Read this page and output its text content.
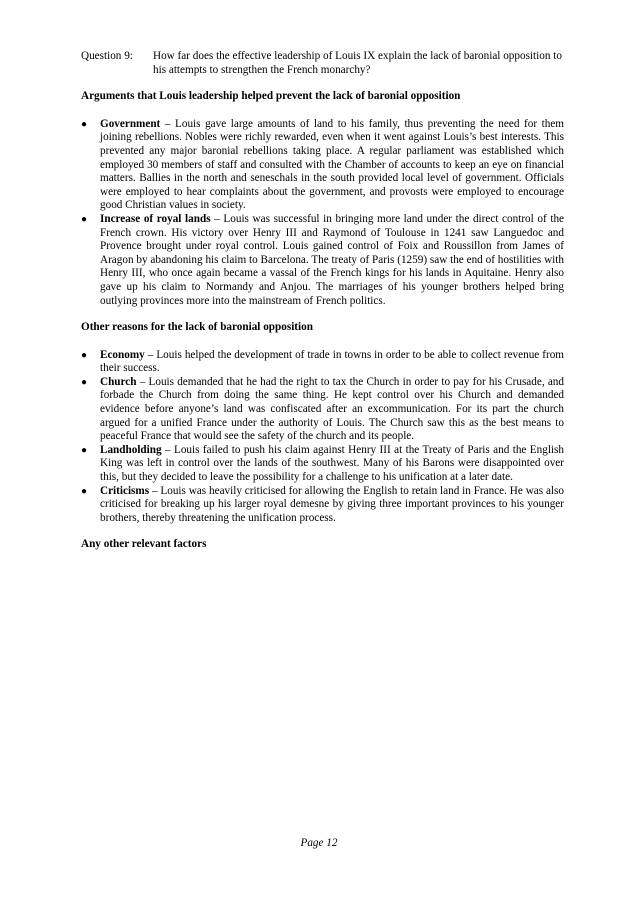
Question 9:	How far does the effective leadership of Louis IX explain the lack of baronial opposition to his attempts to strengthen the French monarchy?
Arguments that Louis leadership helped prevent the lack of baronial opposition
●	Government – Louis gave large amounts of land to his family, thus preventing the need for them joining rebellions. Nobles were richly rewarded, even when it went against Louis’s best interests. This prevented any major baronial rebellions taking place. A regular parliament was established which employed 30 members of staff and consulted with the Chamber of accounts to keep an eye on financial matters. Ballies in the north and seneschals in the south provided local level of government. Officials were employed to hear complaints about the government, and provosts were employed to encourage good Christian values in society.
●	Increase of royal lands – Louis was successful in bringing more land under the direct control of the French crown. His victory over Henry III and Raymond of Toulouse in 1241 saw Languedoc and Provence brought under royal control. Louis gained control of Foix and Roussillon from James of Aragon by abandoning his claim to Barcelona. The treaty of Paris (1259) saw the end of hostilities with Henry III, who once again became a vassal of the French kings for his lands in Aquitaine. Henry also gave up his claim to Normandy and Anjou. The marriages of his younger brothers helped bring outlying provinces more into the mainstream of French politics.
Other reasons for the lack of baronial opposition
●	Economy – Louis helped the development of trade in towns in order to be able to collect revenue from their success.
●	Church – Louis demanded that he had the right to tax the Church in order to pay for his Crusade, and forbade the Church from doing the same thing. He kept control over his Church and demanded evidence before anyone’s land was confiscated after an excommunication. For its part the church argued for a unified France under the authority of Louis. The Church saw this as the best means to peaceful France that would see the safety of the church and its people.
●	Landholding – Louis failed to push his claim against Henry III at the Treaty of Paris and the English King was left in control over the lands of the southwest. Many of his Barons were disappointed over this, but they decided to leave the possibility for a challenge to his unification at a later date.
●	Criticisms – Louis was heavily criticised for allowing the English to retain land in France. He was also criticised for breaking up his larger royal demesne by giving three important provinces to his younger brothers, thereby threatening the unification process.
Any other relevant factors
Page 12
